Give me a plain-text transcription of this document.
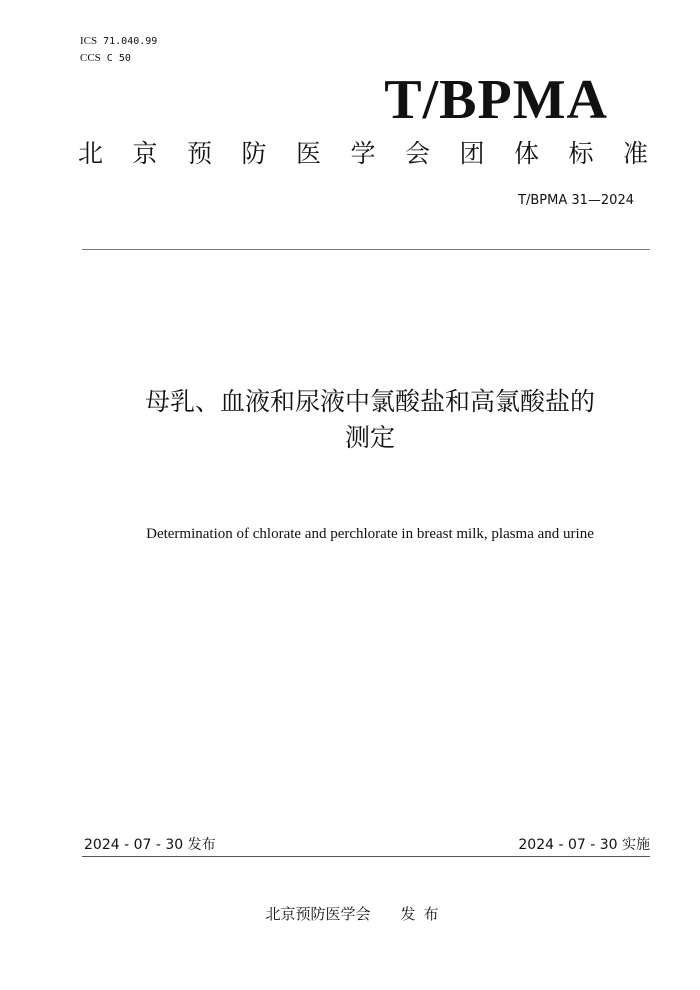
ICS 71.040.99
CCS C 50
T/BPMA
北京预防医学会团体标准
T/BPMA 31—2024
母乳、血液和尿液中氯酸盐和高氯酸盐的
测定
Determination of chlorate and perchlorate in breast milk, plasma and urine
2024 - 07 - 30 发布	2024 - 07 - 30 实施
北京预防医学会 发布
